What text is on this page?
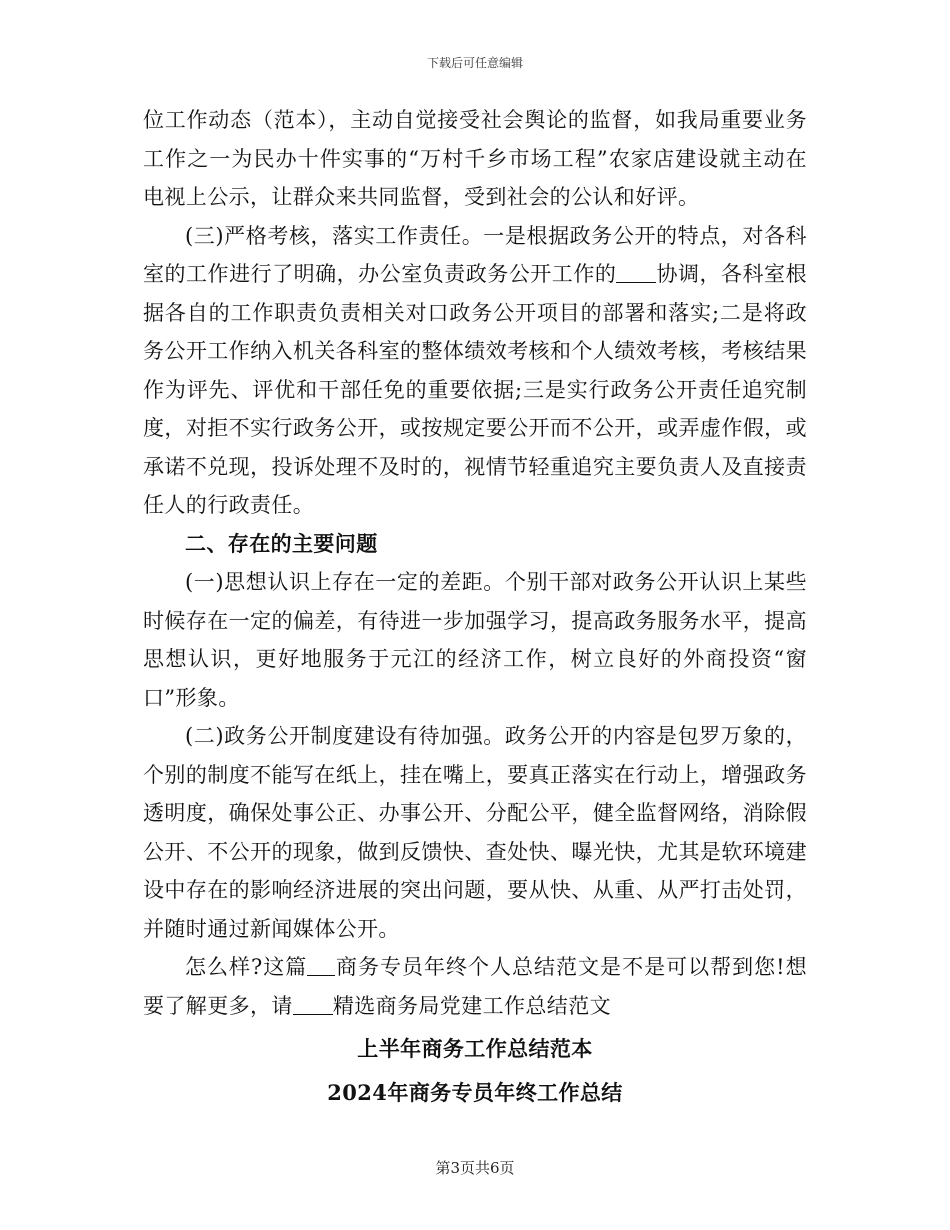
下载后可任意编辑

位工作动态（范本），主动自觉接受社会舆论的监督，如我局重要业务工作之一为民办十件实事的“万村千乡市场工程”农家店建设就主动在电视上公示，让群众来共同监督，受到社会的公认和好评。

(三)严格考核，落实工作责任。一是根据政务公开的特点，对各科室的工作进行了明确，办公室负责政务公开工作的 协调，各科室根据各自的工作职责负责相关对口政务公开项目的部署和落实;二是将政务公开工作纳入机关各科室的整体绩效考核和个人绩效考核，考核结果作为评先、评优和干部任免的重要依据;三是实行政务公开责任追究制度，对拒不实行政务公开，或按规定要公开而不公开，或弄虚作假，或承诺不兑现，投诉处理不及时的，视情节轻重追究主要负责人及直接责任人的行政责任。

二、存在的主要问题

(一)思想认识上存在一定的差距。个别干部对政务公开认识上某些时候存在一定的偏差，有待进一步加强学习，提高政务服务水平，提高思想认识，更好地服务于元江的经济工作，树立良好的外商投资“窗口”形象。

(二)政务公开制度建设有待加强。政务公开的内容是包罗万象的，个别的制度不能写在纸上，挂在嘴上，要真正落实在行动上，增强政务透明度，确保处事公正、办事公开、分配公平，健全监督网络，消除假公开、不公开的现象，做到反馈快、查处快、曝光快，尤其是软环境建设中存在的影响经济进展的突出问题，要从快、从重、从严打击处罚，并随时通过新闻媒体公开。

怎么样?这篇 商务专员年终个人总结范文是不是可以帮到您!想要了解更多，请 精选商务局党建工作总结范文

上半年商务工作总结范本

2024年商务专员年终工作总结

第3页共6页
